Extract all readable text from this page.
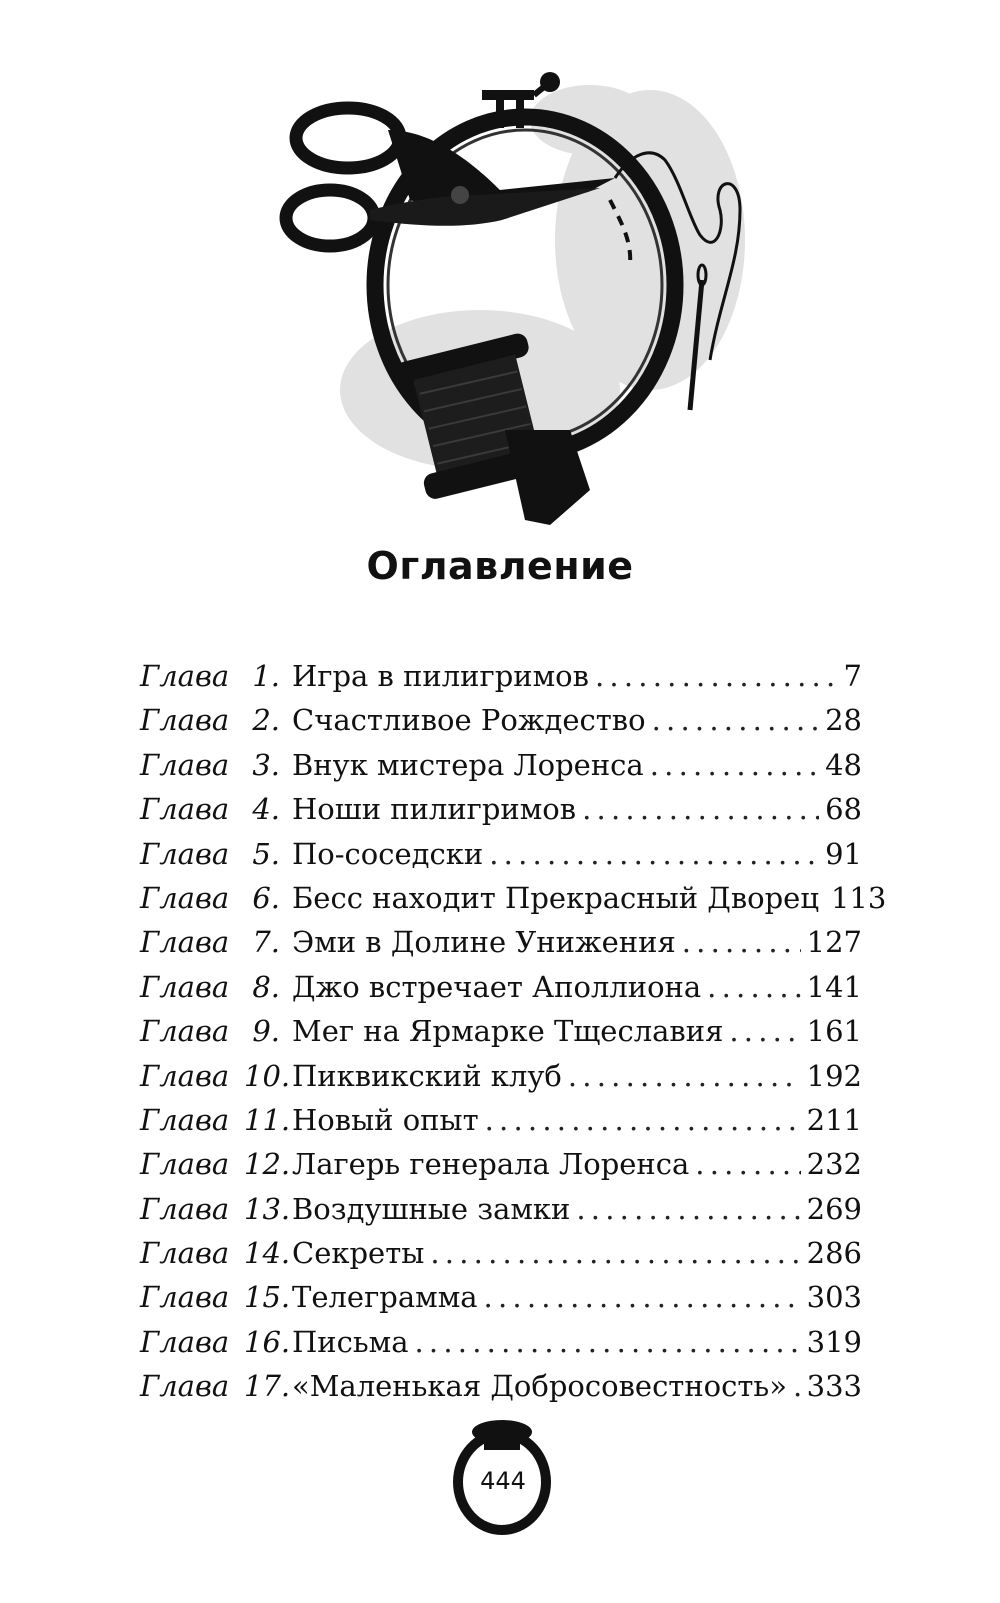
Оглавление
Глава 1. Игра в пилигримов . . .	7
Глава 2. Счастливое Рождество . . .	28
Глава 3. Внук мистера Лоренса . . .	48
Глава 4. Ноши пилигримов . . .	68
Глава 5. По-соседски . . .	91
Глава 6. Бесс находит Прекрасный Дворец 113
Глава 7. Эми в Долине Унижения . . .	127
Глава 8. Джо встречает Аполлиона . . .	141
Глава 9. Мег на Ярмарке Тщеславия . . .	161
Глава 10. Пиквикский клуб . . .	192
Глава 11. Новый опыт . . .	211
Глава 12. Лагерь генерала Лоренса . . .	232
Глава 13. Воздушные замки . . .	269
Глава 14. Секреты . . .	286
Глава 15. Телеграмма . . .	303
Глава 16. Письма . . .	319
Глава 17. «Маленькая Добросовестность» . . . 333
444
